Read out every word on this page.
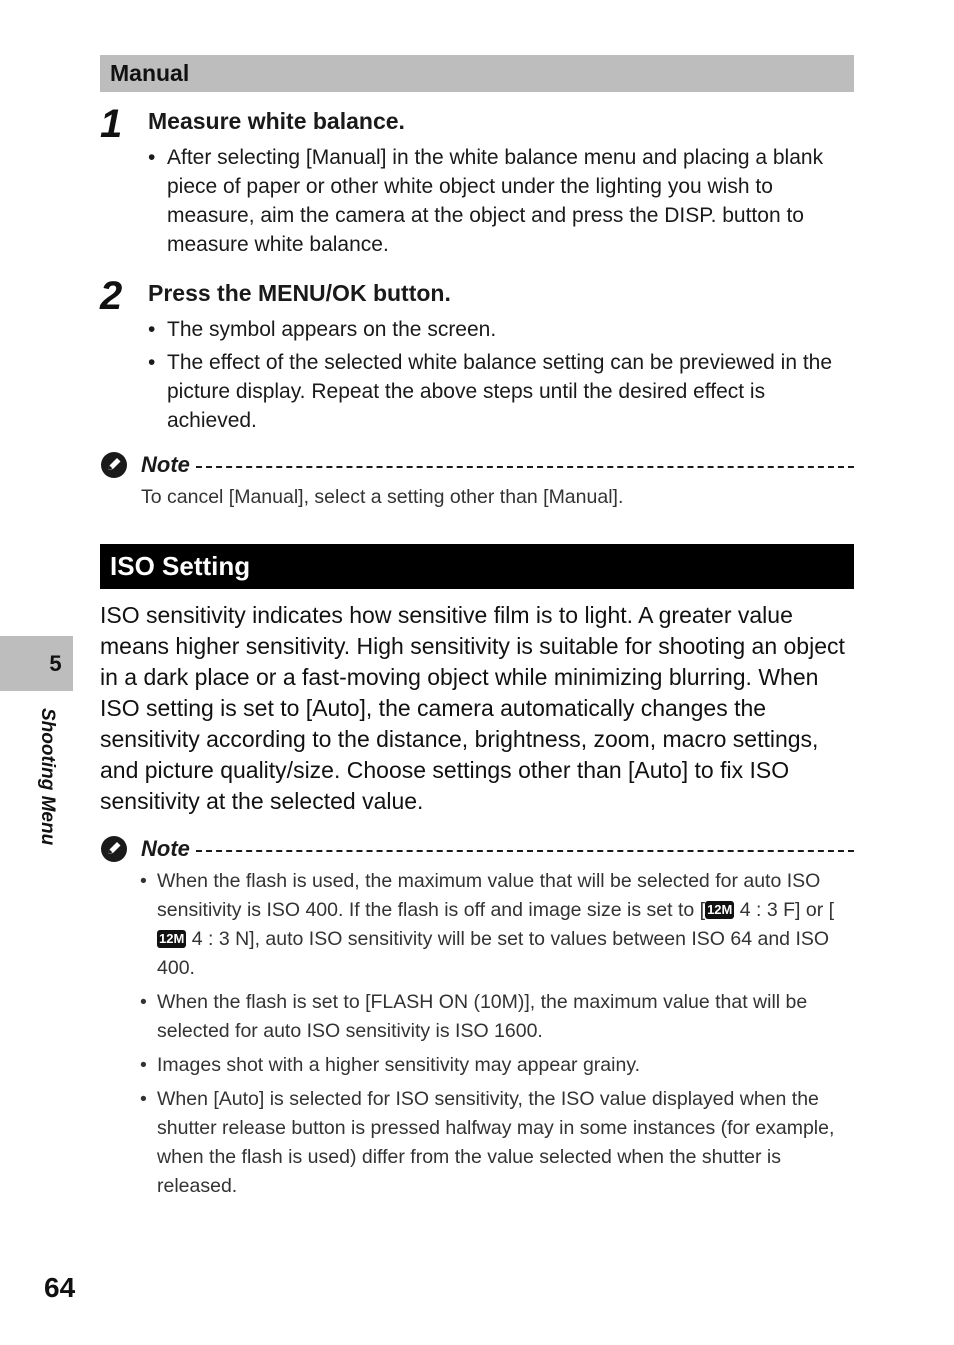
Manual
1 Measure white balance.
• After selecting [Manual] in the white balance menu and placing a blank piece of paper or other white object under the lighting you wish to measure, aim the camera at the object and press the DISP. button to measure white balance.
2 Press the MENU/OK button.
• The symbol appears on the screen.
• The effect of the selected white balance setting can be previewed in the picture display. Repeat the above steps until the desired effect is achieved.
Note
To cancel [Manual], select a setting other than [Manual].
ISO Setting
ISO sensitivity indicates how sensitive film is to light. A greater value means higher sensitivity. High sensitivity is suitable for shooting an object in a dark place or a fast-moving object while minimizing blurring. When ISO setting is set to [Auto], the camera automatically changes the sensitivity according to the distance, brightness, zoom, macro settings, and picture quality/size. Choose settings other than [Auto] to fix ISO sensitivity at the selected value.
Note
• When the flash is used, the maximum value that will be selected for auto ISO sensitivity is ISO 400. If the flash is off and image size is set to [ 12M 4 : 3 F] or [12M 4 : 3 N], auto ISO sensitivity will be set to values between ISO 64 and ISO 400.
• When the flash is set to [FLASH ON (10M)], the maximum value that will be selected for auto ISO sensitivity is ISO 1600.
• Images shot with a higher sensitivity may appear grainy.
• When [Auto] is selected for ISO sensitivity, the ISO value displayed when the shutter release button is pressed halfway may in some instances (for example, when the flash is used) differ from the value selected when the shutter is released.
5
Shooting Menu
64
